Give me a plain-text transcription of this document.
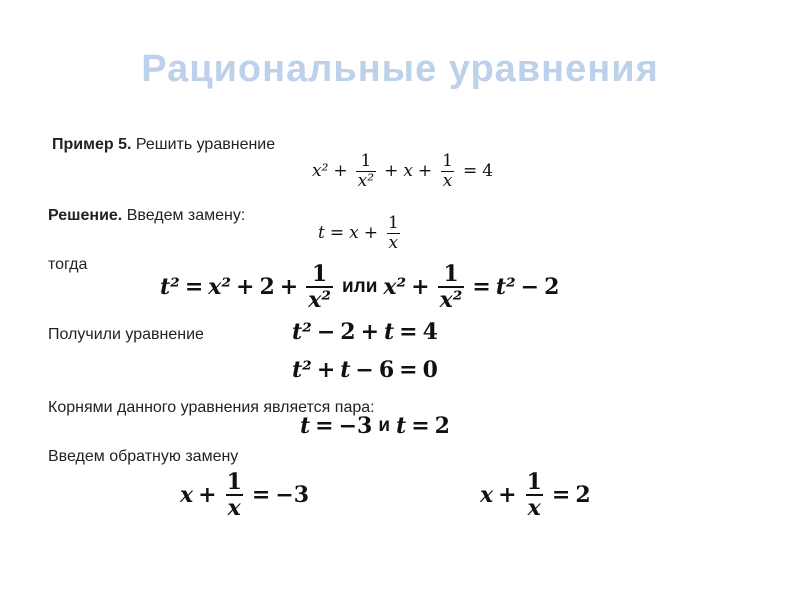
Рациональные уравнения
Пример 5. Решить уравнение
$x^2 + \frac{1}{\text{x²}} + x + \frac{1}{x} = 4$
Решение. Введем замену:
$t = x + \frac{1}{x}$
тогда
$t^2 = x^2 + 2 + \frac{1}{\text{x²}}$ или $x^2 + \frac{1}{\text{x²}} = t^2 - 2$
Получили уравнение	t² − 2 + t = 4
t² + t − 6 = 0
Корнями данного уравнения является пара:
t = −3 и t = 2
Введем обратную замену
$x + \frac{1}{x} = -3$	$x + \frac{1}{x} = 2$
